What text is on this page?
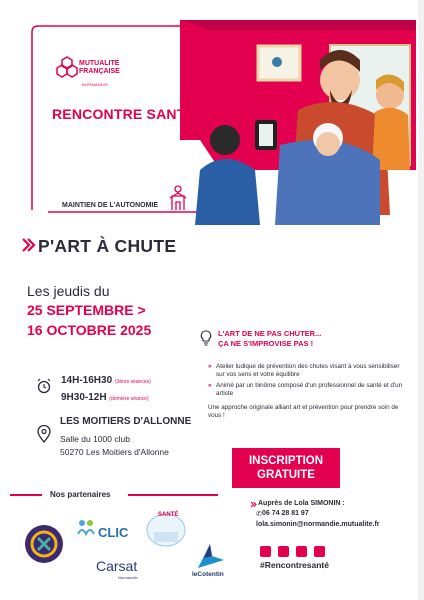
MUTUALITÉ
FRANÇAISE
NORMANDIE
RENCONTRE SANTÉ
MAINTIEN DE L'AUTONOMIE
P'ART À CHUTE
Les jeudis du
25 SEPTEMBRE >
16 OCTOBRE 2025
14H-16H30 (3ères séances)
9H30-12H (dernière séance)
LES MOITIERS D'ALLONNE
Salle du 1000 club
50270 Les Moitiers d'Allonne
L'ART DE NE PAS CHUTER...
ÇA NE S'IMPROVISE PAS !
» Atelier ludique de prévention des chutes visant à vous sensibiliser sur vos sens et votre équilibre
» Animé par un binôme composé d'un professionnel de santé et d'un artiste
Une approche originale alliant art et prévention pour prendre soin de vous !
INSCRIPTION
GRATUITE
Auprès de Lola SIMONIN :
✆ 06 74 28 81 97
lola.simonin@normandie.mutualite.fr
#Rencontresanté
Nos partenaires
CLIC
SANTÉ
Carsat
Normandie	leCotentin
